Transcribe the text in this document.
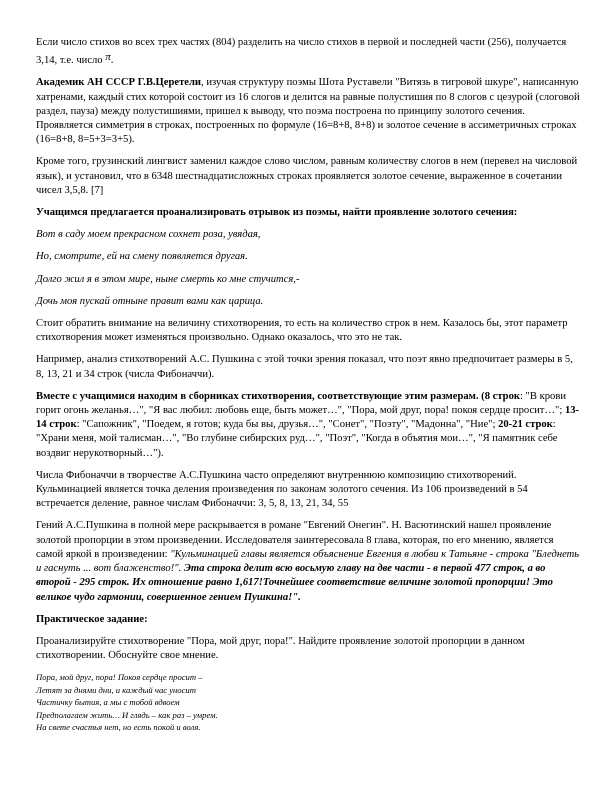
Если число стихов во всех трех частях (804) разделить на число стихов в первой и последней части (256), получается 3,14, т.е. число π.

Академик АН СССР Г.В.Церетели, изучая структуру поэмы Шота Руставели "Витязь в тигровой шкуре", написанную хатренами, каждый стих которой состоит из 16 слогов и делится на равные полустишия по 8 слогов с цезурой (слоговой раздел, пауза) между полустишиями, пришел к выводу, что поэма построена по принципу золотого сечения. Проявляется симметрия в строках, построенных по формуле (16=8+8, 8+8) и золотое сечение в ассиметричных строках (16=8+8, 8=5+3=3+5).

Кроме того, грузинский лингвист заменил каждое слово числом, равным количеству слогов в нем (перевел на числовой язык), и установил, что в 6348 шестнадцатисложных строках проявляется золотое сечение, выраженное в сочетании чисел 3,5,8. [7]

Учащимся предлагается проанализировать отрывок из поэмы, найти проявление золотого сечения:

Вот в саду моем прекрасном сохнет роза, увядая,

Но, смотрите, ей на смену появляется другая.

Долго жил я в этом мире, ныне смерть ко мне стучится,-

Дочь моя пускай отныне правит вами как царица.

Стоит обратить внимание на величину стихотворения, то есть на количество строк в нем. Казалось бы, этот параметр стихотворения может изменяться произвольно. Однако оказалось, что это не так.

Например, анализ стихотворений А.С. Пушкина с этой точки зрения показал, что поэт явно предпочитает размеры в 5, 8, 13, 21 и 34 строк (числа Фибоначчи).

Вместе с учащимися находим в сборниках стихотворения, соответствующие этим размерам. (8 строк: "В крови горит огонь желанья…", "Я вас любил: любовь еще, быть может…", "Пора, мой друг, пора! покоя сердце просит…"; 13-14 строк: "Сапожник", "Поедем, я готов; куда бы вы, друзья…", "Сонет", "Поэту", "Мадонна", "Ние"; 20-21 строк: "Храни меня, мой талисман…", "Во глубине сибирских руд…", "Поэт", "Когда в объятия мои…", "Я памятник себе воздвиг нерукотворный…").

Числа Фибоначчи в творчестве А.С.Пушкина часто определяют внутреннюю композицию стихотворений. Кульминацией является точка деления произведения по законам золотого сечения. Из 106 произведений в 54 встречается деление, равное числам Фибоначчи: 3, 5, 8, 13, 21, 34, 55

Гений А.С.Пушкина в полной мере раскрывается в романе "Евгений Онегин". Н. Васютинский нашел проявление золотой пропорции в этом произведении. Исследователя заинтересовала 8 глава, которая, по его мнению, является самой яркой в произведении: "Кульминацией главы является объяснение Евгения в любви к Татьяне - строка "Бледнеть и гаснуть ... вот блаженство!". Эта строка делит всю восьмую главу на две части - в первой 477 строк, а во второй - 295 строк. Их отношение равно 1,617!Точнейшее соответствие величине золотой пропорции! Это великое чудо гармонии, совершенное гением Пушкина!".

Практическое задание:

Проанализируйте стихотворение "Пора, мой друг, пора!". Найдите проявление золотой пропорции в данном стихотворении. Обоснуйте свое мнение.

Пора, мой друг, пора! Покоя сердце просит –
Летят за днями дни, и каждый час уносит
Частичку бытия, а мы с тобой вдвоем
Предполагаем жить… И глядь – как раз – умрем.
На свете счастья нет, но есть покой и воля.
